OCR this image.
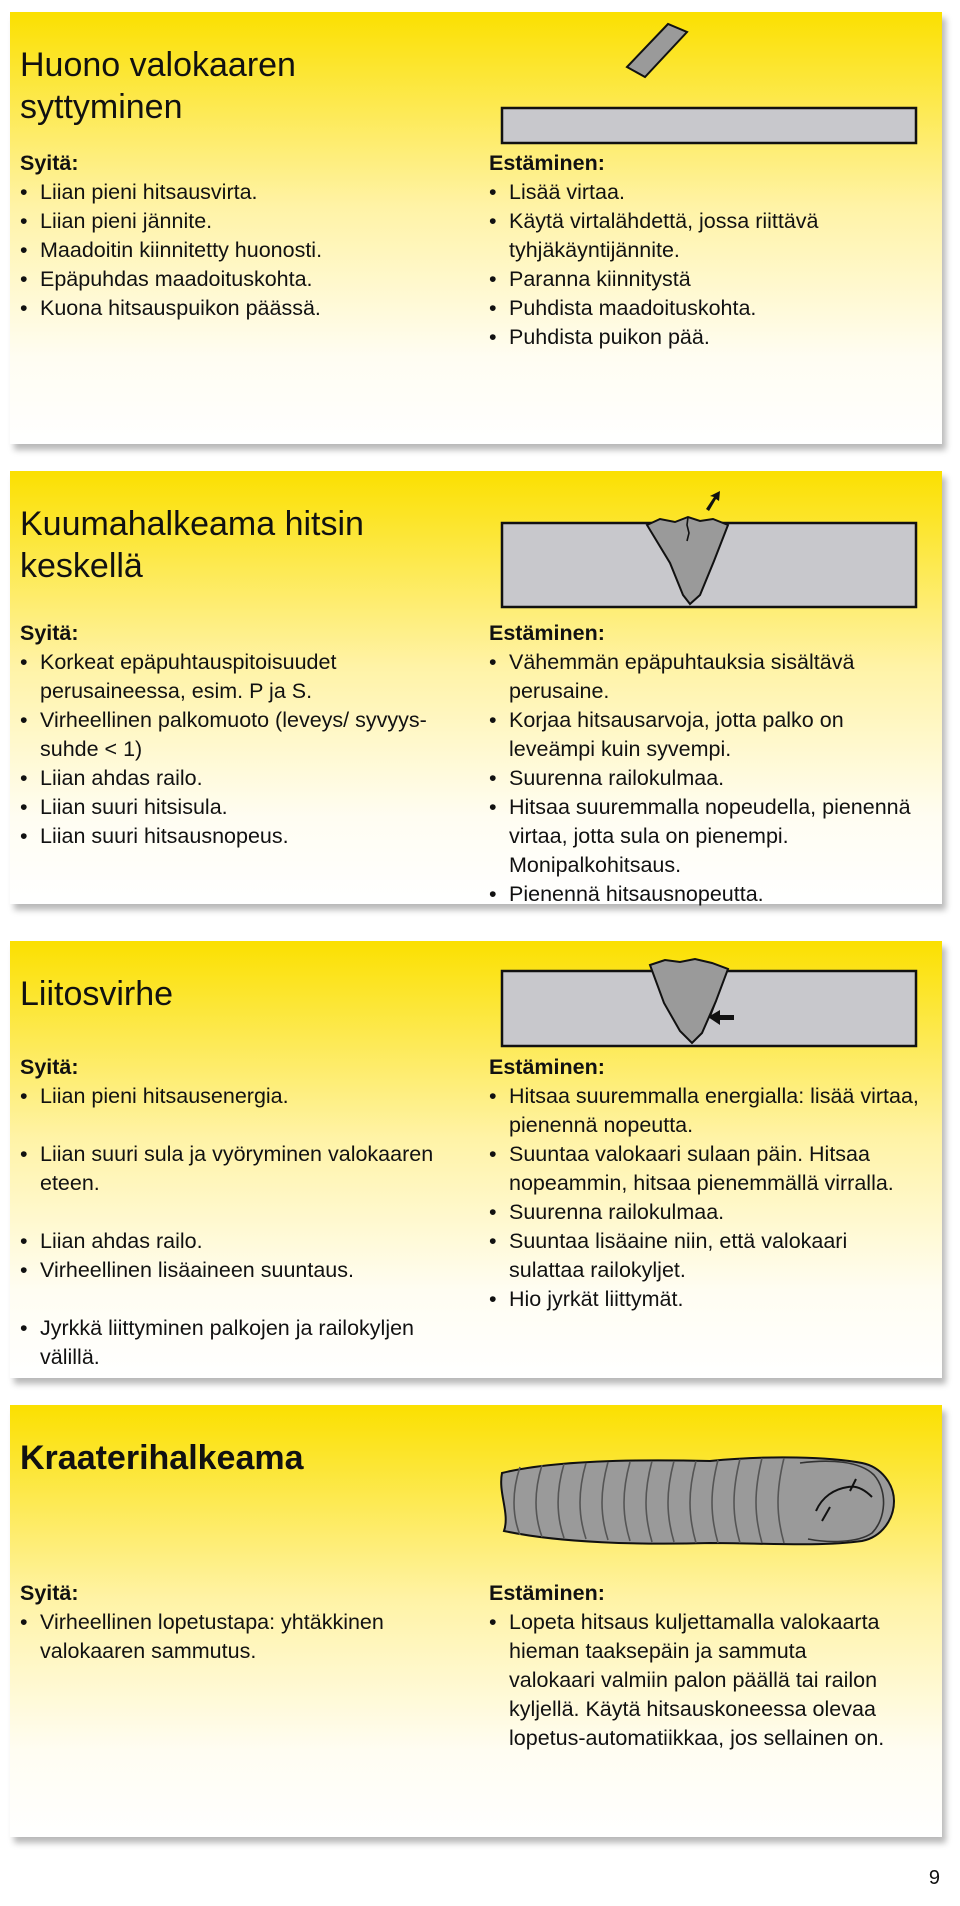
Huono valokaaren syttyminen
Syitä:
• Liian pieni hitsausvirta.
• Liian pieni jännite.
• Maadoitin kiinnitetty huonosti.
• Epäpuhdas maadoituskohta.
• Kuona hitsauspuikon päässä.
Estäminen:
• Lisää virtaa.
• Käytä virtalähdettä, jossa riittävä tyhjäkäyntijännite.
• Paranna kiinnitystä
• Puhdista maadoituskohta.
• Puhdista puikon pää.
Kuumahalkeama hitsin keskellä
Syitä:
• Korkeat epäpuhtauspitoisuudet perusaineessa, esim. P ja S.
• Virheellinen palkomuoto (leveys/ syvyys-suhde < 1)
• Liian ahdas railo.
• Liian suuri hitsisula.
• Liian suuri hitsausnopeus.
Estäminen:
• Vähemmän epäpuhtauksia sisältävä perusaine.
• Korjaa hitsausarvoja, jotta palko on leveämpi kuin syvempi.
• Suurenna railokulmaa.
• Hitsaa suuremmalla nopeudella, pienennä virtaa, jotta sula on pienempi. Monipalkohitsaus.
• Pienennä hitsausnopeutta.
Liitosvirhe
Syitä:
• Liian pieni hitsausenergia.
• Liian suuri sula ja vyöryminen valokaaren eteen.
• Liian ahdas railo.
• Virheellinen lisäaineen suuntaus.
• Jyrkkä liittyminen palkojen ja railokyljen välillä.
Estäminen:
• Hitsaa suuremmalla energialla: lisää virtaa, pienennä nopeutta.
• Suuntaa valokaari sulaan päin. Hitsaa nopeammin, hitsaa pienemmällä virralla.
• Suurenna railokulmaa.
• Suuntaa lisäaine niin, että valokaari sulattaa railokyljet.
• Hio jyrkät liittymät.
Kraaterihalkeama
Syitä:
• Virheellinen lopetustapa: yhtäkkinen valokaaren sammutus.
Estäminen:
• Lopeta hitsaus kuljettamalla valokaarta hieman taaksepäin ja sammuta valokaari valmiin palon päällä tai railon kyljellä. Käytä hitsauskoneessa olevaa lopetus-automatiikkaa, jos sellainen on.
9
